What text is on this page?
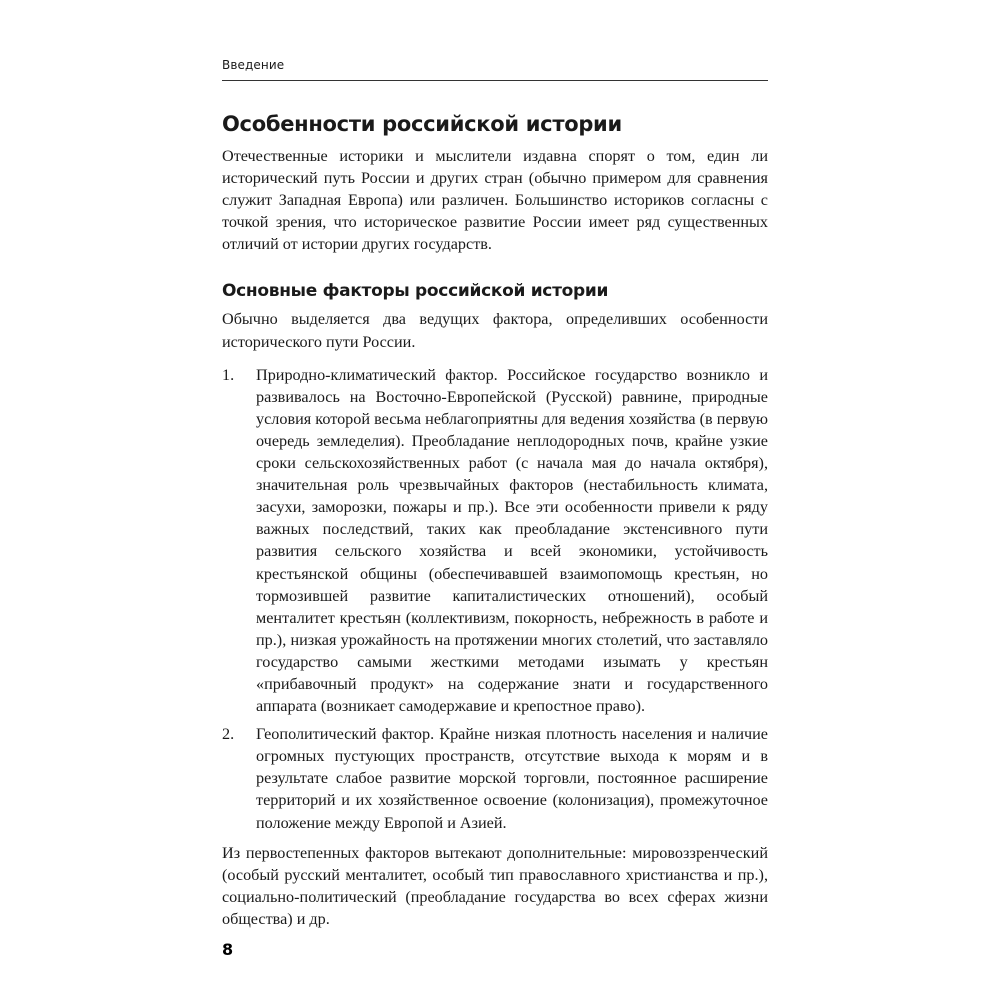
Введение
Особенности российской истории

Отечественные историки и мыслители издавна спорят о том, един ли исторический путь России и других стран (обычно примером для сравнения служит Западная Европа) или различен. Большинство историков согласны с точкой зрения, что историческое развитие России имеет ряд существенных отличий от истории других государств.

Основные факторы российской истории

Обычно выделяется два ведущих фактора, определивших особенности исторического пути России.

1. Природно-климатический фактор. Российское государство возникло и развивалось на Восточно-Европейской (Русской) равнине, природные условия которой весьма неблагоприятны для ведения хозяйства (в первую очередь земледелия). Преобладание неплодородных почв, крайне узкие сроки сельскохозяйственных работ (с начала мая до начала октября), значительная роль чрезвычайных факторов (нестабильность климата, засухи, заморозки, пожары и пр.). Все эти особенности привели к ряду важных последствий, таких как преобладание экстенсивного пути развития сельского хозяйства и всей экономики, устойчивость крестьянской общины (обеспечивавшей взаимопомощь крестьян, но тормозившей развитие капиталистических отношений), особый менталитет крестьян (коллективизм, покорность, небрежность в работе и пр.), низкая урожайность на протяжении многих столетий, что заставляло государство самыми жесткими методами изымать у крестьян «прибавочный продукт» на содержание знати и государственного аппарата (возникает самодержавие и крепостное право).
2. Геополитический фактор. Крайне низкая плотность населения и наличие огромных пустующих пространств, отсутствие выхода к морям и в результате слабое развитие морской торговли, постоянное расширение территорий и их хозяйственное освоение (колонизация), промежуточное положение между Европой и Азией.

Из первостепенных факторов вытекают дополнительные: мировоззренческий (особый русский менталитет, особый тип православного христианства и пр.), социально-политический (преобладание государства во всех сферах жизни общества) и др.

8
